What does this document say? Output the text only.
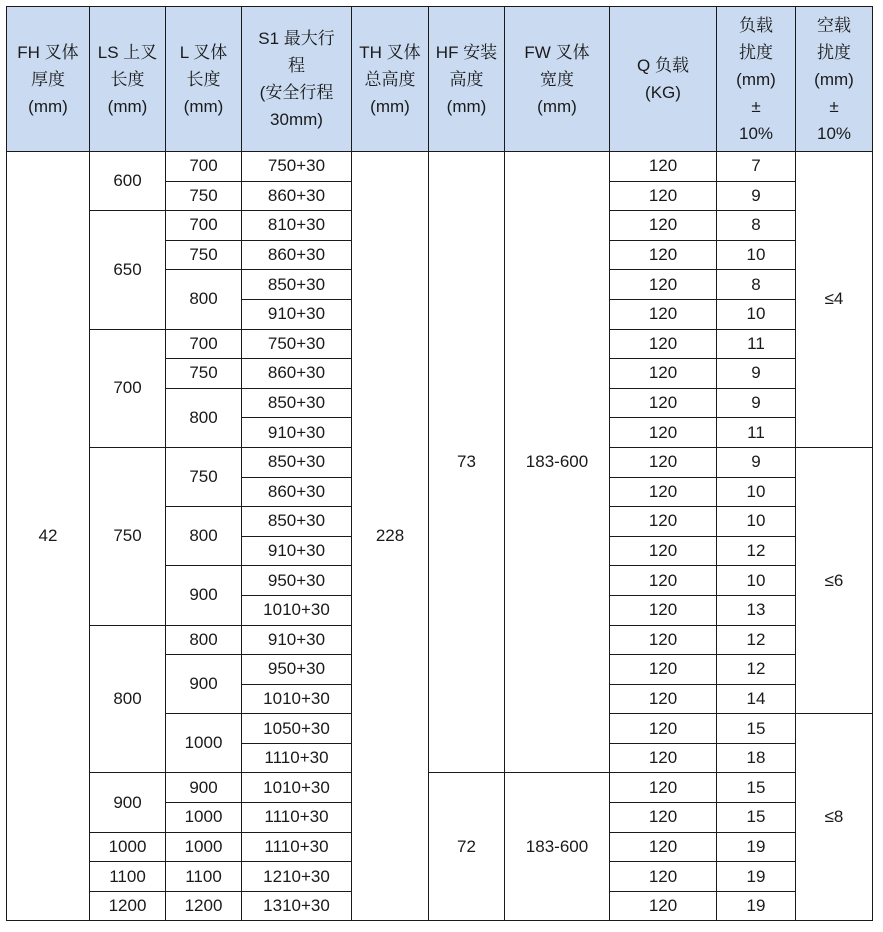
FH 叉体
厚度
(mm)	LS 上叉
长度
(mm)	L 叉体
长度
(mm)	S1 最大行
程
(安全行程
30mm)	TH 叉体
总高度
(mm)	HF 安装
高度
(mm)	FW 叉体
宽度
(mm)	Q 负载
(KG)	负载
扰度
(mm)
±
10%	空载
扰度
(mm)
±
10%
42	600	700	750+30	228	73	183-600	120	7	≤4
		750	860+30				120	9	
	650	700	810+30				120	8	
		750	860+30				120	10	
		800	850+30				120	8	
			910+30				120	10	
	700	700	750+30				120	11	
		750	860+30				120	9	
		800	850+30				120	9	
			910+30				120	11	
	750	750	850+30				120	9	≤6
			860+30				120	10	
		800	850+30				120	10	
			910+30				120	12	
		900	950+30				120	10	
			1010+30				120	13	
	800	800	910+30				120	12	
		900	950+30				120	12	
			1010+30				120	14	
		1000	1050+30				120	15	≤8
			1110+30				120	18	
	900	900	1010+30		72	183-600	120	15	
		1000	1110+30				120	15	
	1000	1000	1110+30				120	19	
	1100	1100	1210+30				120	19	
	1200	1200	1310+30				120	19	
